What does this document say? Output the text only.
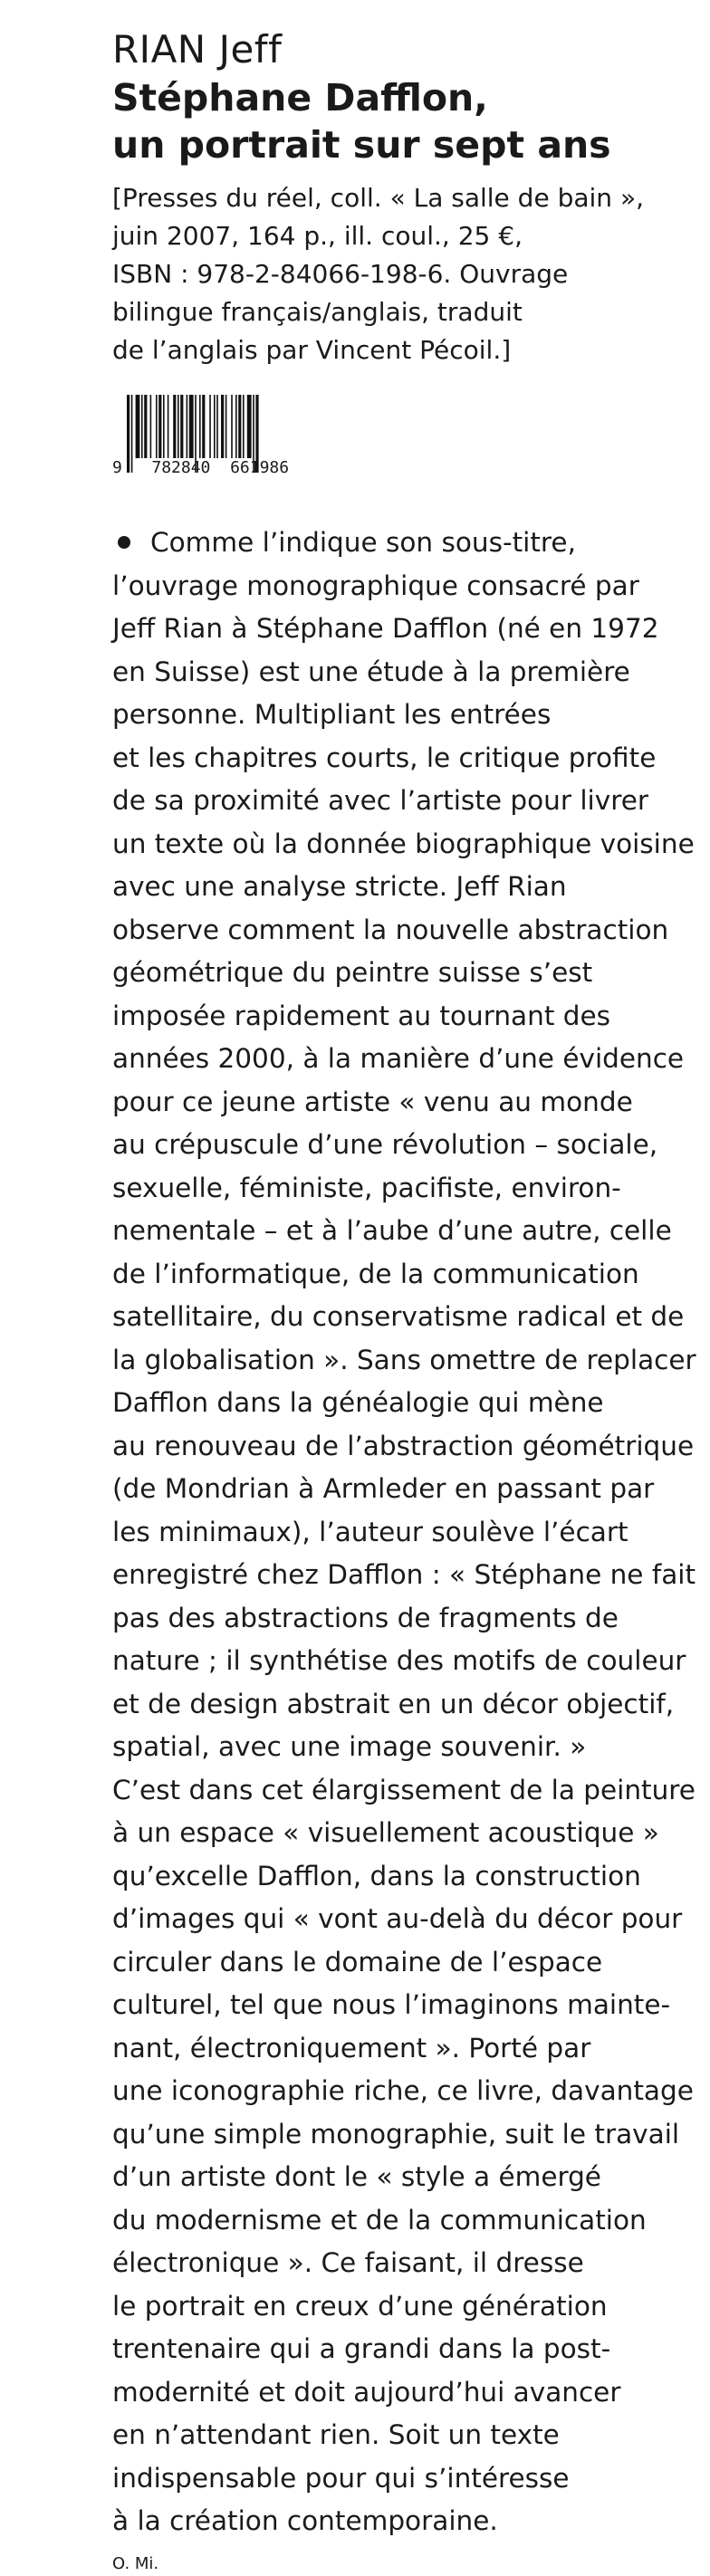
RIAN Jeff
Stéphane Dafflon,
un portrait sur sept ans
[Presses du réel, coll. « La salle de bain »,
juin 2007, 164 p., ill. coul., 25 €,
ISBN : 978-2-84066-198-6. Ouvrage
bilingue français/anglais, traduit
de l’anglais par Vincent Pécoil.]
9 782840 661986
Comme l’indique son sous-titre,
l’ouvrage monographique consacré par
Jeff Rian à Stéphane Dafflon (né en 1972
en Suisse) est une étude à la première
personne. Multipliant les entrées
et les chapitres courts, le critique profite
de sa proximité avec l’artiste pour livrer
un texte où la donnée biographique voisine
avec une analyse stricte. Jeff Rian
observe comment la nouvelle abstraction
géométrique du peintre suisse s’est
imposée rapidement au tournant des
années 2000, à la manière d’une évidence
pour ce jeune artiste « venu au monde
au crépuscule d’une révolution – sociale,
sexuelle, féministe, pacifiste, environ-
nementale – et à l’aube d’une autre, celle
de l’informatique, de la communication
satellitaire, du conservatisme radical et de
la globalisation ». Sans omettre de replacer
Dafflon dans la généalogie qui mène
au renouveau de l’abstraction géométrique
(de Mondrian à Armleder en passant par
les minimaux), l’auteur soulève l’écart
enregistré chez Dafflon : « Stéphane ne fait
pas des abstractions de fragments de
nature ; il synthétise des motifs de couleur
et de design abstrait en un décor objectif,
spatial, avec une image souvenir. »
C’est dans cet élargissement de la peinture
à un espace « visuellement acoustique »
qu’excelle Dafflon, dans la construction
d’images qui « vont au-delà du décor pour
circuler dans le domaine de l’espace
culturel, tel que nous l’imaginons mainte-
nant, électroniquement ». Porté par
une iconographie riche, ce livre, davantage
qu’une simple monographie, suit le travail
d’un artiste dont le « style a émergé
du modernisme et de la communication
électronique ». Ce faisant, il dresse
le portrait en creux d’une génération
trentenaire qui a grandi dans la post-
modernité et doit aujourd’hui avancer
en n’attendant rien. Soit un texte
indispensable pour qui s’intéresse
à la création contemporaine.
O. Mi.
